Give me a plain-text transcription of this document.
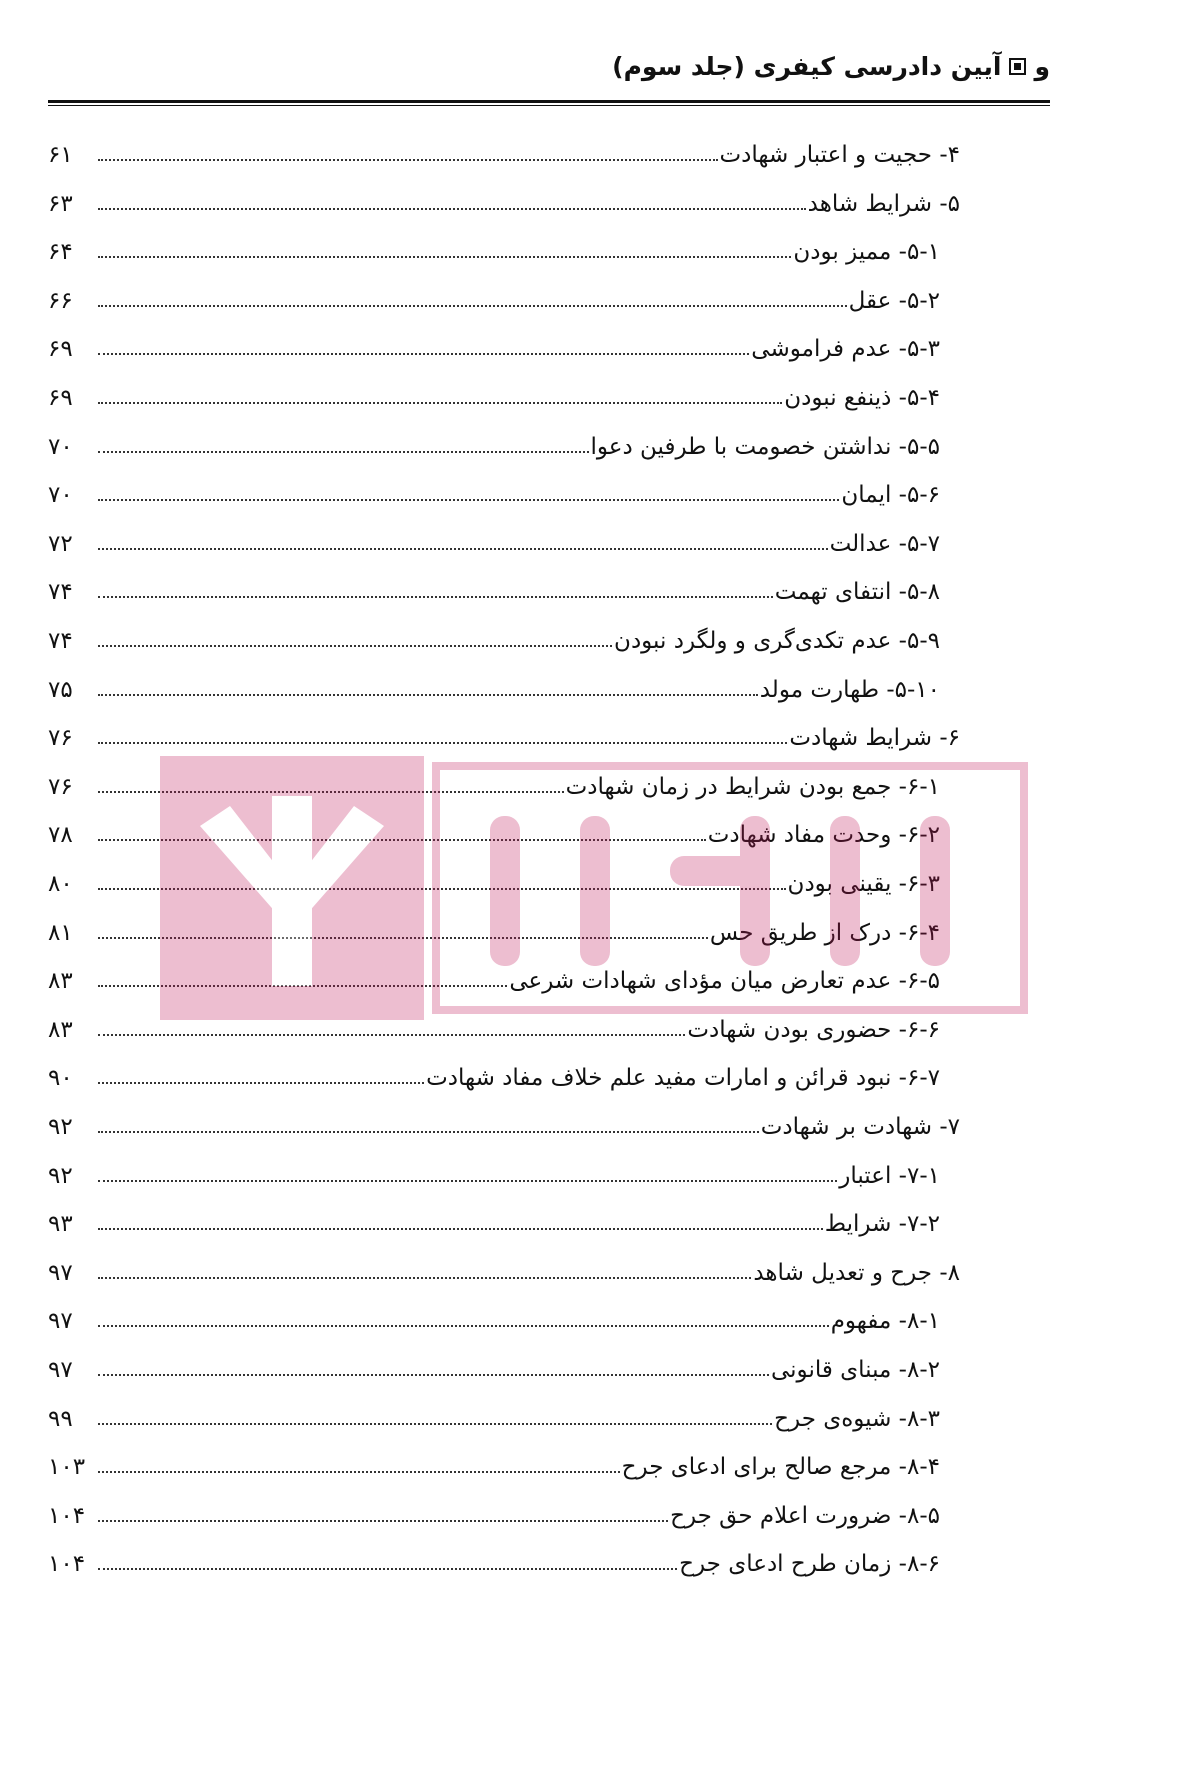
و
آیین دادرسی کیفری (جلد سوم)
۴- حجیت و اعتبار شهادت
۶۱
۵- شرایط شاهد
۶۳
۵-۱- ممیز بودن
۶۴
۵-۲- عقل
۶۶
۵-۳- عدم فراموشی
۶۹
۵-۴- ذینفع نبودن
۶۹
۵-۵- نداشتن خصومت با طرفین دعوا
۷۰
۵-۶- ایمان
۷۰
۵-۷- عدالت
۷۲
۵-۸- انتفای تهمت
۷۴
۵-۹- عدم تکدی‌گری و ولگرد نبودن
۷۴
۵-۱۰- طهارت مولد
۷۵
۶- شرایط شهادت
۷۶
۶-۱- جمع بودن شرایط در زمان شهادت
۷۶
۶-۲- وحدت مفاد شهادت
۷۸
۶-۳- یقینی بودن
۸۰
۶-۴- درک از طریق حس
۸۱
۶-۵- عدم تعارض میان مؤدای شهادات شرعی
۸۳
۶-۶- حضوری بودن شهادت
۸۳
۶-۷- نبود قرائن و امارات مفید علم خلاف مفاد شهادت
۹۰
۷- شهادت بر شهادت
۹۲
۷-۱- اعتبار
۹۲
۷-۲- شرایط
۹۳
۸- جرح و تعدیل شاهد
۹۷
۸-۱- مفهوم
۹۷
۸-۲- مبنای قانونی
۹۷
۸-۳- شیوه‌ی جرح
۹۹
۸-۴- مرجع صالح برای ادعای جرح
۱۰۳
۸-۵- ضرورت اعلام حق جرح
۱۰۴
۸-۶- زمان طرح ادعای جرح
۱۰۴
